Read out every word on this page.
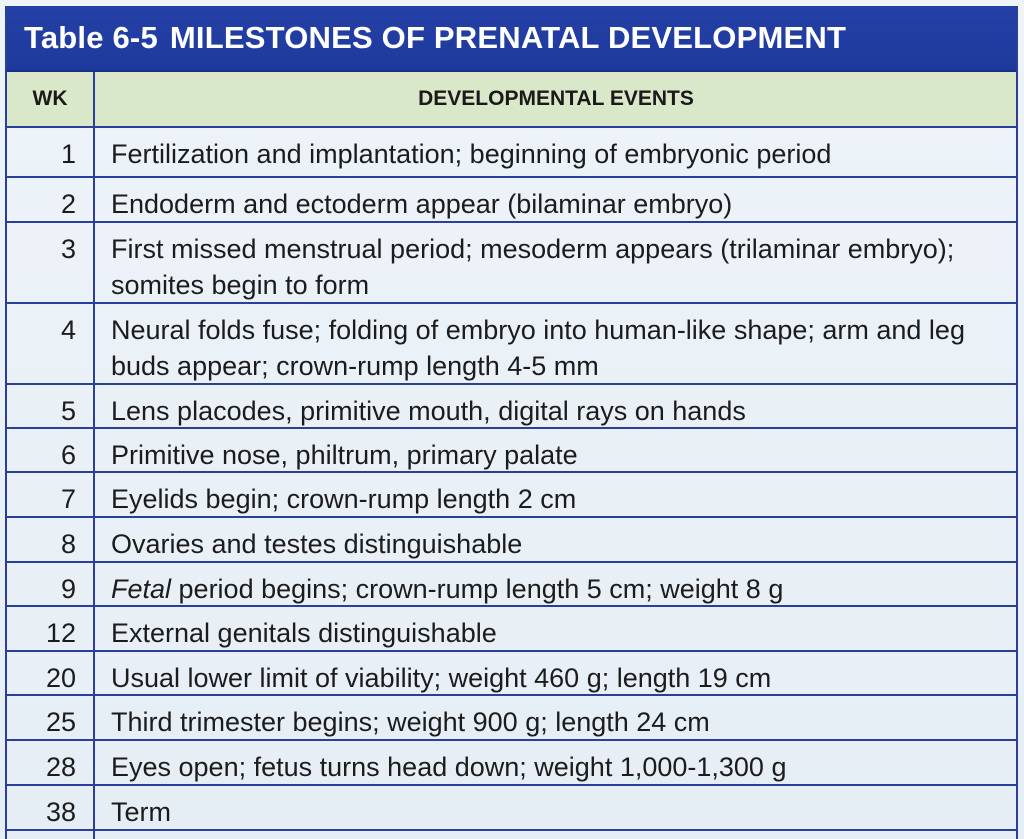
Table 6-5 MILESTONES OF PRENATAL DEVELOPMENT
WK	DEVELOPMENTAL EVENTS
1 Fertilization and implantation; beginning of embryonic period
2 Endoderm and ectoderm appear (bilaminar embryo)
3 First missed menstrual period; mesoderm appears (trilaminar embryo); somites begin to form
4 Neural folds fuse; folding of embryo into human-like shape; arm and leg buds appear; crown-rump length 4-5 mm
5 Lens placodes, primitive mouth, digital rays on hands
6 Primitive nose, philtrum, primary palate
7 Eyelids begin; crown-rump length 2 cm
8 Ovaries and testes distinguishable
9 Fetal period begins; crown-rump length 5 cm; weight 8 g
12 External genitals distinguishable
20 Usual lower limit of viability; weight 460 g; length 19 cm
25 Third trimester begins; weight 900 g; length 24 cm
28 Eyes open; fetus turns head down; weight 1,000-1,300 g
38 Term
